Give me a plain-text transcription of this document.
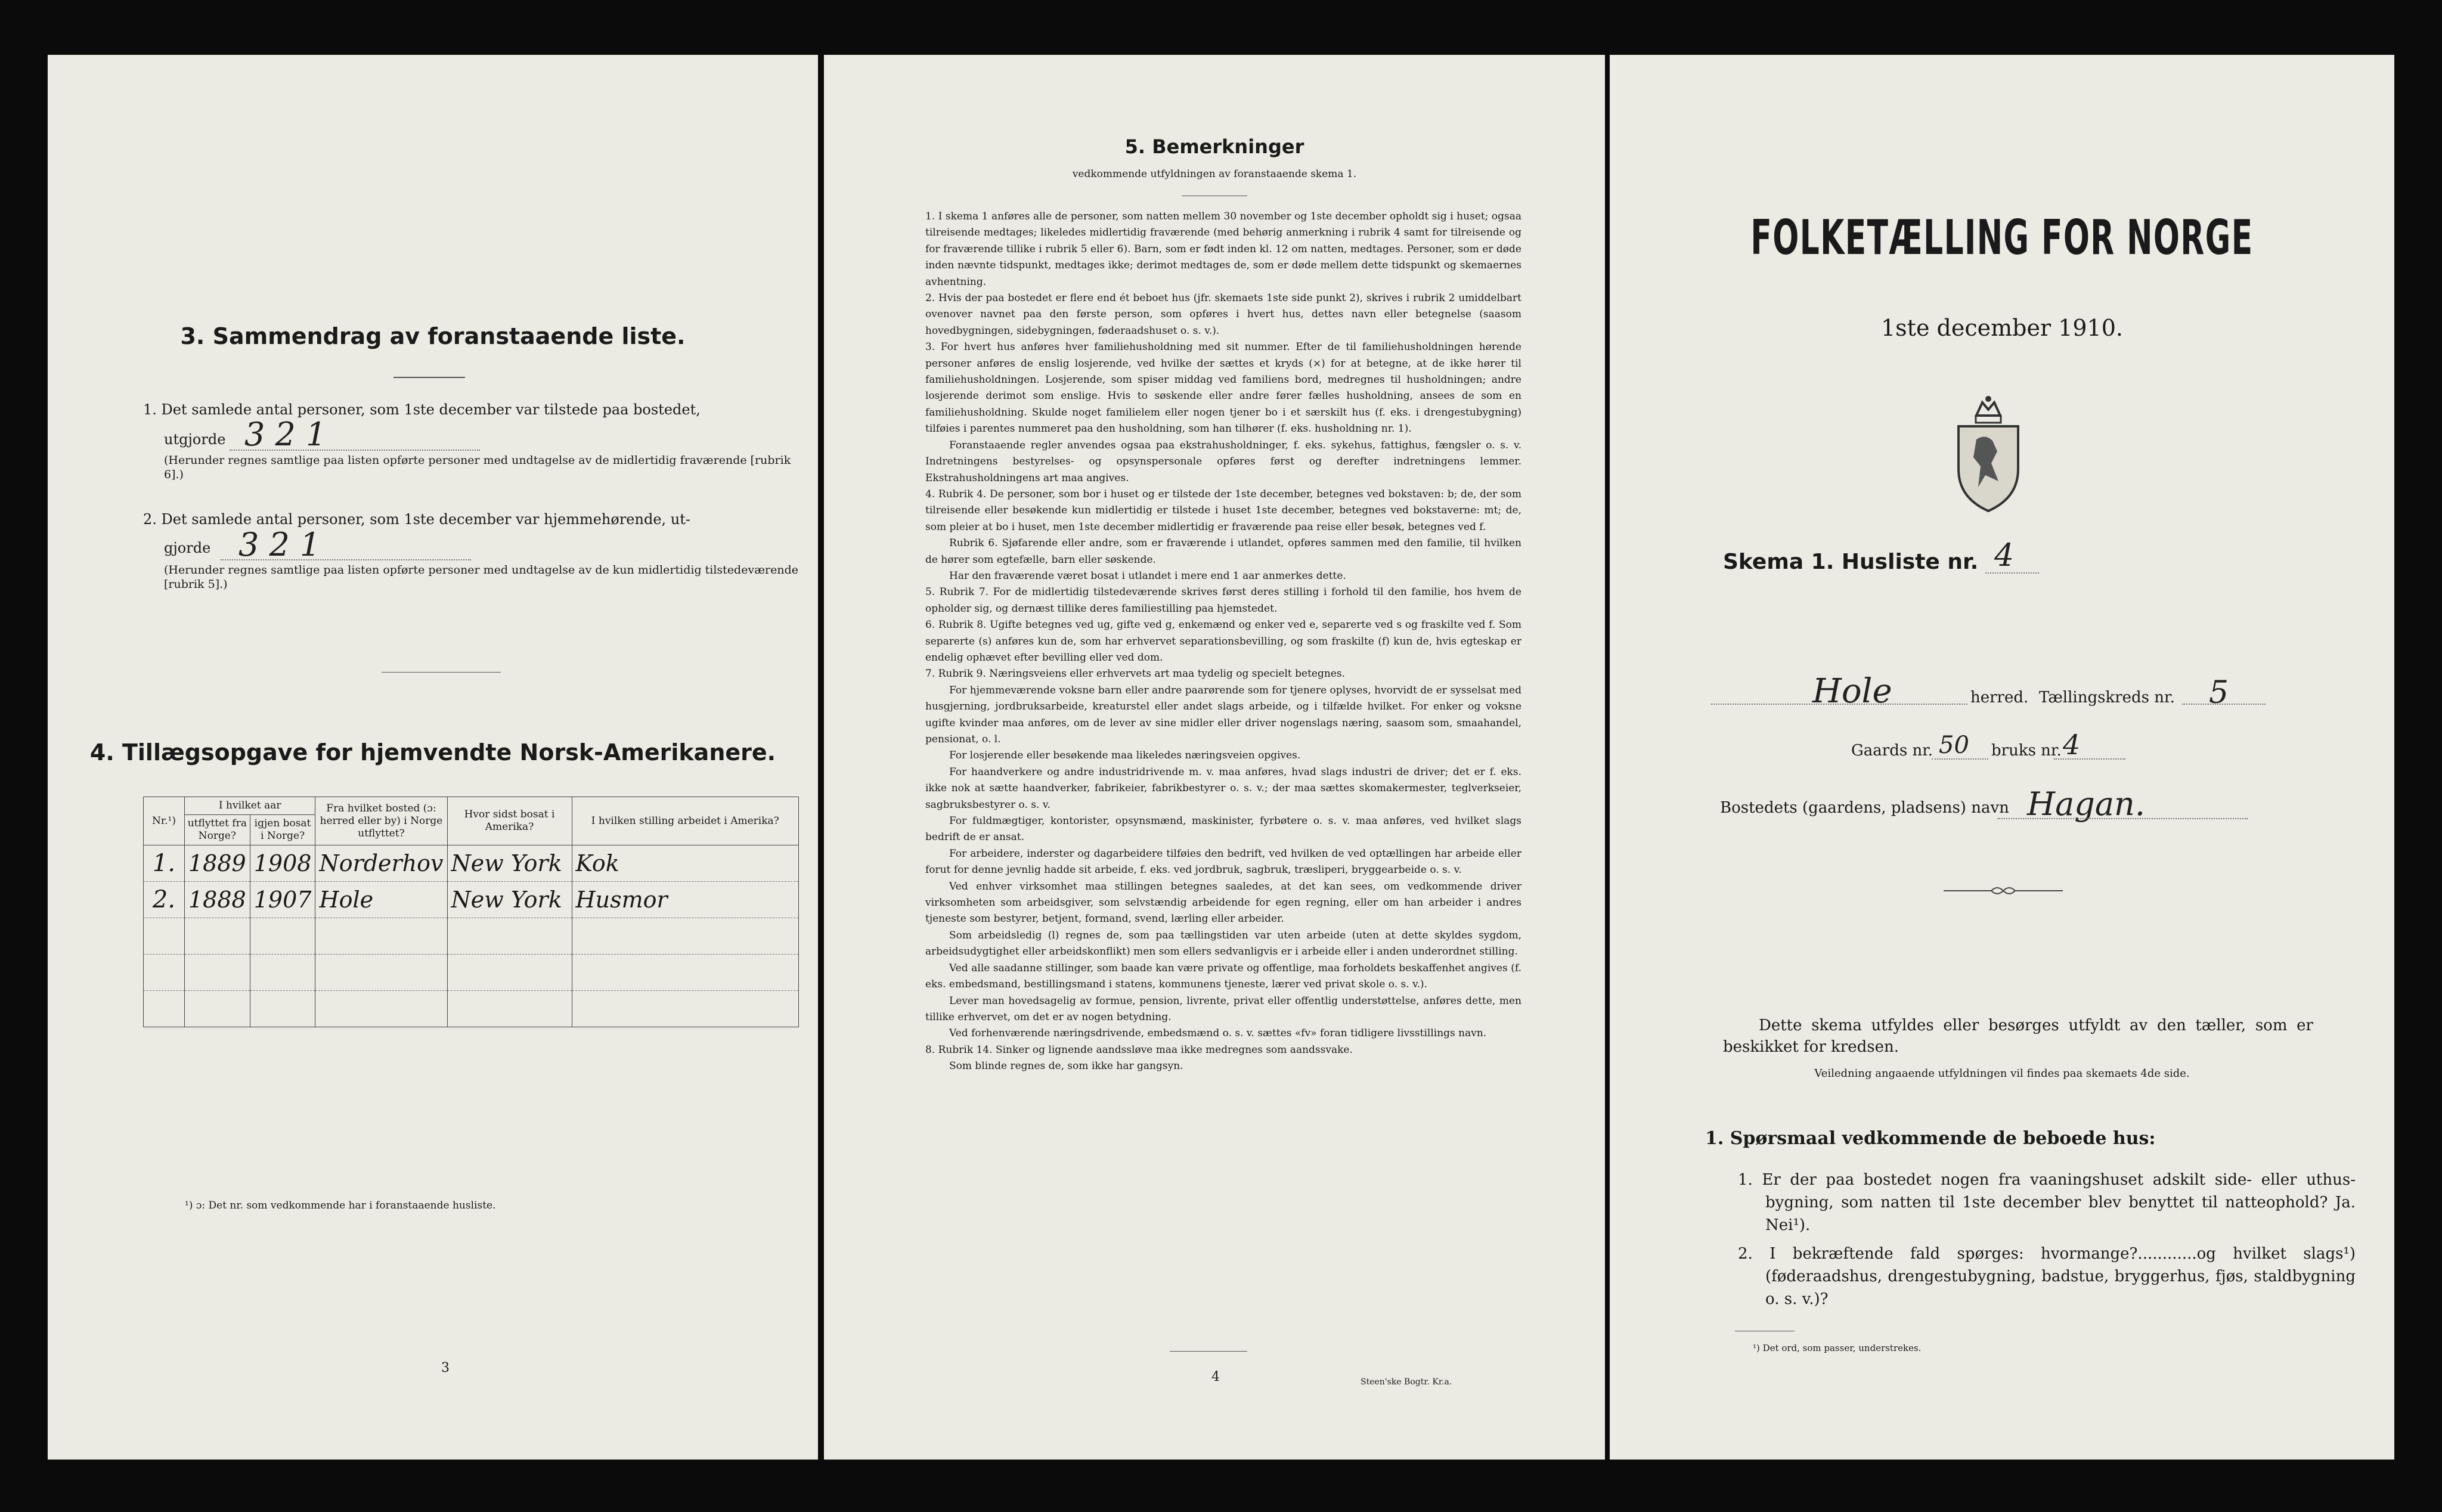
3. Sammendrag av foranstaaende liste.
1. Det samlede antal personer, som 1ste december var tilstede paa bostedet,
utgjorde 3 2 1
(Herunder regnes samtlige paa listen opførte personer med undtagelse av de midlertidig fraværende [rubrik 6].)
2. Det samlede antal personer, som 1ste december var hjemmehørende, ut-
gjorde 3 2 1
(Herunder regnes samtlige paa listen opførte personer med undtagelse av de kun midlertidig tilstedeværende [rubrik 5].)
4. Tillægsopgave for hjemvendte Norsk-Amerikanere.
Nr.¹)	I hvilket aar		Fra hvilket bosted (ɔ: herred eller by) i Norge utflyttet?	Hvor sidst bosat i Amerika?	I hvilken stilling arbeidet i Amerika?
	utflyttet fra Norge?	igjen bosat i Norge?			
1.	1889	1908	Norderhov	New York	Kok
2.	1888	1907	Hole	New York	Husmor

¹) ɔ: Det nr. som vedkommende har i foranstaaende husliste.
3
5. Bemerkninger
vedkommende utfyldningen av foranstaaende skema 1.

1. I skema 1 anføres alle de personer, som natten mellem 30 november og 1ste december opholdt sig i huset; ogsaa tilreisende medtages; likeledes midlertidig fraværende (med behørig anmerkning i rubrik 4 samt for tilreisende og for fraværende tillike i rubrik 5 eller 6). Barn, som er født inden kl. 12 om natten, medtages. Personer, som er døde inden nævnte tidspunkt, medtages ikke; derimot medtages de, som er døde mellem dette tidspunkt og skemaernes avhentning.

2. Hvis der paa bostedet er flere end ét beboet hus (jfr. skemaets 1ste side punkt 2), skrives i rubrik 2 umiddelbart ovenover navnet paa den første person, som opføres i hvert hus, dettes navn eller betegnelse (saasom hovedbygningen, sidebygningen, føderaadshuset o. s. v.).

3. For hvert hus anføres hver familiehusholdning med sit nummer. Efter de til familiehusholdningen hørende personer anføres de enslig losjerende, ved hvilke der sættes et kryds (×) for at betegne, at de ikke hører til familiehusholdningen. Losjerende, som spiser middag ved familiens bord, medregnes til husholdningen; andre losjerende derimot som enslige. Hvis to søskende eller andre fører fælles husholdning, ansees de som en familiehusholdning. Skulde noget familielem eller nogen tjener bo i et særskilt hus (f. eks. i drengestubygning) tilføies i parentes nummeret paa den husholdning, som han tilhører (f. eks. husholdning nr. 1).

Foranstaaende regler anvendes ogsaa paa ekstrahusholdninger, f. eks. sykehus, fattighus, fængsler o. s. v. Indretningens bestyrelses- og opsynspersonale opføres først og derefter indretningens lemmer. Ekstrahusholdningens art maa angives.

4. Rubrik 4. De personer, som bor i huset og er tilstede der 1ste december, betegnes ved bokstaven: b; de, der som tilreisende eller besøkende kun midlertidig er tilstede i huset 1ste december, betegnes ved bokstaverne: mt; de, som pleier at bo i huset, men 1ste december midlertidig er fraværende paa reise eller besøk, betegnes ved f.

Rubrik 6. Sjøfarende eller andre, som er fraværende i utlandet, opføres sammen med den familie, til hvilken de hører som egtefælle, barn eller søskende.

Har den fraværende været bosat i utlandet i mere end 1 aar anmerkes dette.

5. Rubrik 7. For de midlertidig tilstedeværende skrives først deres stilling i forhold til den familie, hos hvem de opholder sig, og dernæst tillike deres familiestilling paa hjemstedet.

6. Rubrik 8. Ugifte betegnes ved ug, gifte ved g, enkemænd og enker ved e, separerte ved s og fraskilte ved f. Som separerte (s) anføres kun de, som har erhvervet separationsbevilling, og som fraskilte (f) kun de, hvis egteskap er endelig ophævet efter bevilling eller ved dom.

7. Rubrik 9. Næringsveiens eller erhvervets art maa tydelig og specielt betegnes.

For hjemmeværende voksne barn eller andre paarørende som for tjenere oplyses, hvorvidt de er sysselsat med husgjerning, jordbruksarbeide, kreaturstel eller andet slags arbeide, og i tilfælde hvilket. For enker og voksne ugifte kvinder maa anføres, om de lever av sine midler eller driver nogenslags næring, saasom som, smaahandel, pensionat, o. l.

For losjerende eller besøkende maa likeledes næringsveien opgives.

For haandverkere og andre industridrivende m. v. maa anføres, hvad slags industri de driver; det er f. eks. ikke nok at sætte haandverker, fabrikeier, fabrikbestyrer o. s. v.; der maa sættes skomakermester, teglverkseier, sagbruksbestyrer o. s. v.

For fuldmægtiger, kontorister, opsynsmænd, maskinister, fyrbøtere o. s. v. maa anføres, ved hvilket slags bedrift de er ansat.

For arbeidere, inderster og dagarbeidere tilføies den bedrift, ved hvilken de ved optællingen har arbeide eller forut for denne jevnlig hadde sit arbeide, f. eks. ved jordbruk, sagbruk, træsliperi, bryggearbeide o. s. v.

Ved enhver virksomhet maa stillingen betegnes saaledes, at det kan sees, om vedkommende driver virksomheten som arbeidsgiver, som selvstændig arbeidende for egen regning, eller om han arbeider i andres tjeneste som bestyrer, betjent, formand, svend, lærling eller arbeider.

Som arbeidsledig (l) regnes de, som paa tællingstiden var uten arbeide (uten at dette skyldes sygdom, arbeidsudygtighet eller arbeidskonflikt) men som ellers sedvanligvis er i arbeide eller i anden underordnet stilling.

Ved alle saadanne stillinger, som baade kan være private og offentlige, maa forholdets beskaffenhet angives (f. eks. embedsmand, bestillingsmand i statens, kommunens tjeneste, lærer ved privat skole o. s. v.).

Lever man hovedsagelig av formue, pension, livrente, privat eller offentlig understøttelse, anføres dette, men tillike erhvervet, om det er av nogen betydning.

Ved forhenværende næringsdrivende, embedsmænd o. s. v. sættes «fv» foran tidligere livsstillings navn.

8. Rubrik 14. Sinker og lignende aandssløve maa ikke medregnes som aandssvake.

Som blinde regnes de, som ikke har gangsyn.

4	Steen'ske Bogtr. Kr.a.
FOLKETÆLLING FOR NORGE
1ste december 1910.
Skema 1. Husliste nr. 4
Hole	herred. Tællingskreds nr. 5
Gaards nr. 50 bruks nr. 4
Bostedets (gaardens, pladsens) navn Hagan.
Dette skema utfyldes eller besørges utfyldt av den tæller, som er beskikket for kredsen.
Veiledning angaaende utfyldningen vil findes paa skemaets 4de side.
1. Spørsmaal vedkommende de beboede hus:
1. Er der paa bostedet nogen fra vaaningshuset adskilt side- eller uthus-bygning, som natten til 1ste december blev benyttet til natteophold? Ja. Nei¹).
2. I bekræftende fald spørges: hvormange?............og hvilket slags¹) (føderaadshus, drengestubygning, badstue, bryggerhus, fjøs, staldbygning o. s. v.)?
¹) Det ord, som passer, understrekes.
